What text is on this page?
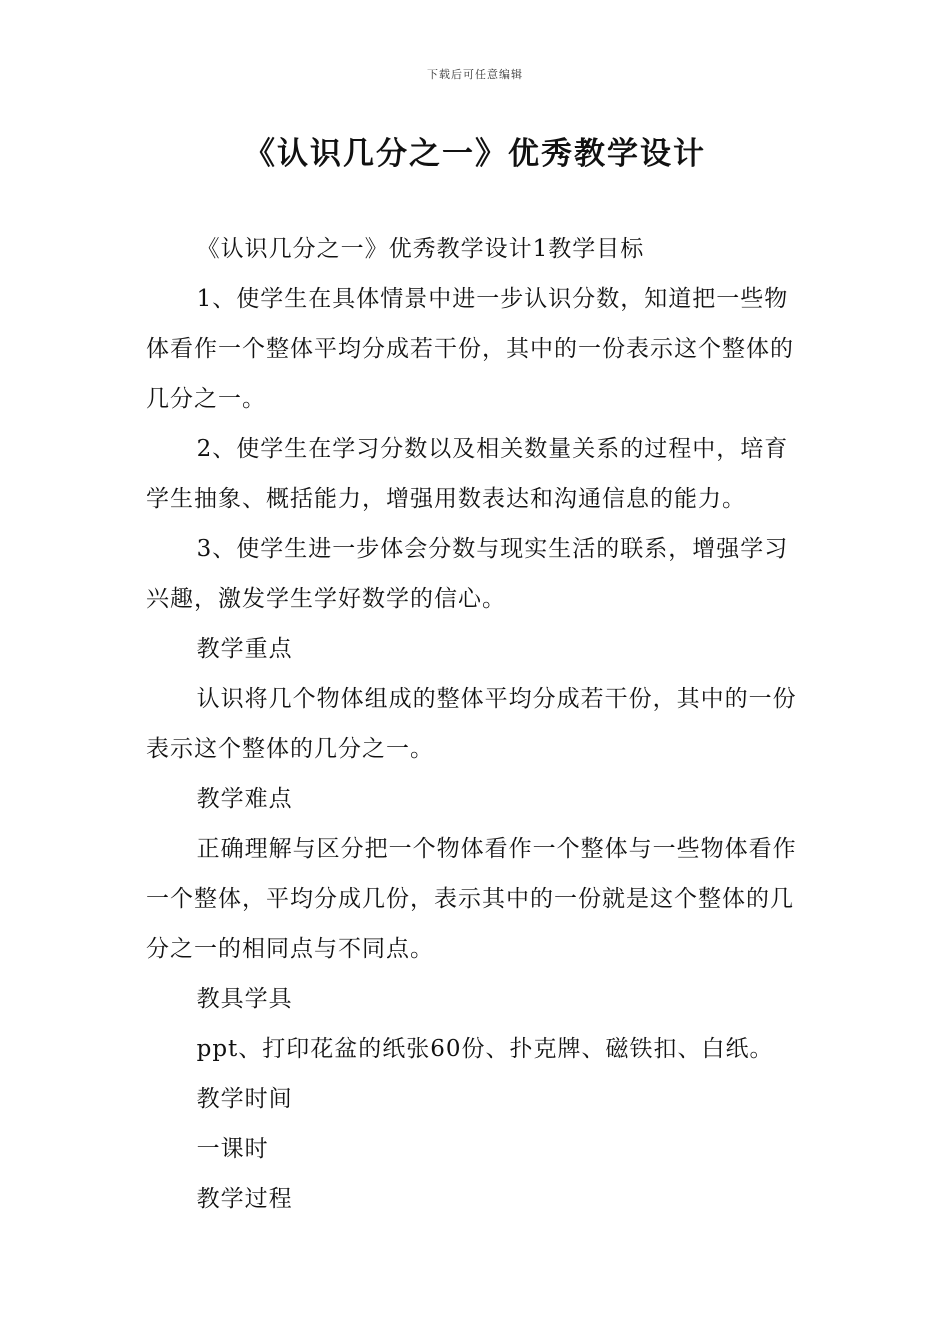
下载后可任意编辑
《认识几分之一》优秀教学设计

《认识几分之一》优秀教学设计1教学目标

1、使学生在具体情景中进一步认识分数，知道把一些物体看作一个整体平均分成若干份，其中的一份表示这个整体的几分之一。

2、使学生在学习分数以及相关数量关系的过程中，培育学生抽象、概括能力，增强用数表达和沟通信息的能力。

3、使学生进一步体会分数与现实生活的联系，增强学习兴趣，激发学生学好数学的信心。

教学重点

认识将几个物体组成的整体平均分成若干份，其中的一份表示这个整体的几分之一。

教学难点

正确理解与区分把一个物体看作一个整体与一些物体看作一个整体，平均分成几份，表示其中的一份就是这个整体的几分之一的相同点与不同点。

教具学具

ppt、打印花盆的纸张60份、扑克牌、磁铁扣、白纸。

教学时间

一课时

教学过程
